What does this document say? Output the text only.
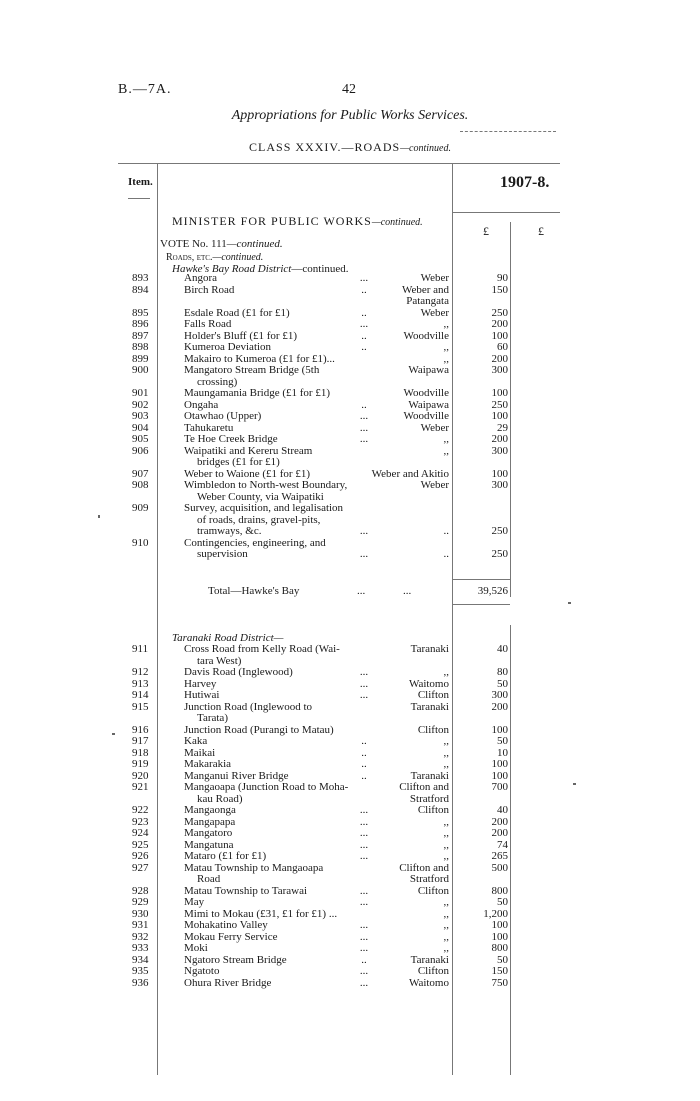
B.—7A.	42
Appropriations for Public Works Services.
CLASS XXXIV.—ROADS—continued.
Item.	1907-8.
MINISTER FOR PUBLIC WORKS—continued.
£	£
VOTE No. 111—continued.
Roads, etc.—continued.
Hawke's Bay Road District—continued.
893	Angora	...	Weber	90
894	Birch Road	..	Weber and	150
Patangata
895	Esdale Road (£1 for £1)	..	Weber	250
896	Falls Road	...	,,	200
897	Holder's Bluff (£1 for £1)	..	Woodville	100
898	Kumeroa Deviation	..	,,	60
899	Makairo to Kumeroa (£1 for £1)...	,,	200
900	Mangatoro Stream Bridge (5th	Waipawa	300
crossing)
901	Maungamania Bridge (£1 for £1)	Woodville	100
902	Ongaha	..	Waipawa	250
903	Otawhao (Upper)	...	Woodville	100
904	Tahukaretu	...	Weber	29
905	Te Hoe Creek Bridge	...	,,	200
906	Waipatiki and Kereru Stream	,,	300
bridges (£1 for £1)
907	Weber to Waione (£1 for £1)	Weber and Akitio	100
908	Wimbledon to North-west Boundary,	Weber	300
Weber County, via Waipatiki
909	Survey, acquisition, and legalisation
of roads, drains, gravel-pits,
tramways, &c.	...	..	250
910	Contingencies, engineering, and
supervision	...	..	250
Total—Hawke's Bay	...	...	39,526
Taranaki Road District—
911	Cross Road from Kelly Road (Wai-	Taranaki	40
tara West)
912	Davis Road (Inglewood)	...	,,	80
913	Harvey	...	Waitomo	50
914	Hutiwai	...	Clifton	300
915	Junction Road (Inglewood to	Taranaki	200
Tarata)
916	Junction Road (Purangi to Matau)	Clifton	100
917	Kaka	..	,,	50
918	Maikai	..	,,	10
919	Makarakia	..	,,	100
920	Manganui River Bridge	..	Taranaki	100
921	Mangaoapa (Junction Road to Moha-	Clifton and	700
kau Road)	Stratford
922	Mangaonga	...	Clifton	40
923	Mangapapa	...	,,	200
924	Mangatoro	...	,,	200
925	Mangatuna	...	,,	74
926	Mataro (£1 for £1)	...	,,	265
927	Matau Township to Mangaoapa	Clifton and	500
Road	Stratford
928	Matau Township to Tarawai	...	Clifton	800
929	May	...	,,	50
930	Mimi to Mokau (£31, £1 for £1) ...	,,	1,200
931	Mohakatino Valley	...	,,	100
932	Mokau Ferry Service	...	,,	100
933	Moki	...	,,	800
934	Ngatoro Stream Bridge	..	Taranaki	50
935	Ngatoto	...	Clifton	150
936	Ohura River Bridge	...	Waitomo	750
